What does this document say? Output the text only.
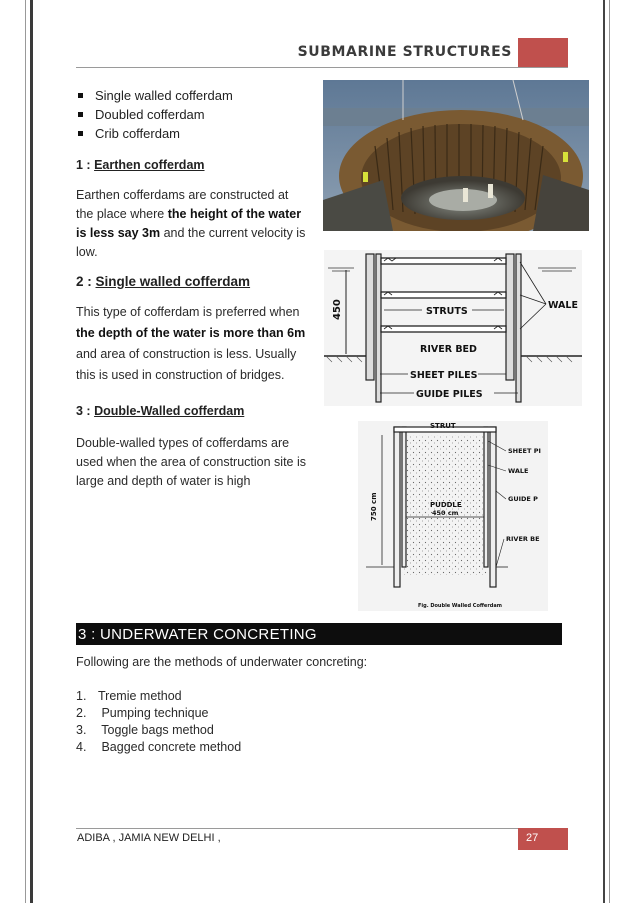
SUBMARINE STRUCTURES
Single walled cofferdam
Doubled cofferdam
Crib cofferdam
1 : Earthen cofferdam
Earthen cofferdams are constructed at
the place where the height of the water
is less say 3m and the current velocity is
low.
2 : Single walled cofferdam
This type of cofferdam is preferred when
the depth of the water is more than 6m
and area of construction is less. Usually
this is used in construction of bridges.
3 : Double-Walled cofferdam
Double-walled types of cofferdams are
used when the area of construction site is
large and depth of water is high
450	STRUTS
RIVER BED
SHEET PILES
GUIDE PILES
WALE
750 cm
STRUT
SHEET PI
WALE
GUIDE P
RIVER BE
PUDDLE
450 cm
Fig. Double Walled Cofferdam
3 : UNDERWATER CONCRETING
Following are the methods of underwater concreting:
1. Tremie method
2. Pumping technique
3. Toggle bags method
4. Bagged concrete method
ADIBA , JAMIA NEW DELHI ,	27
